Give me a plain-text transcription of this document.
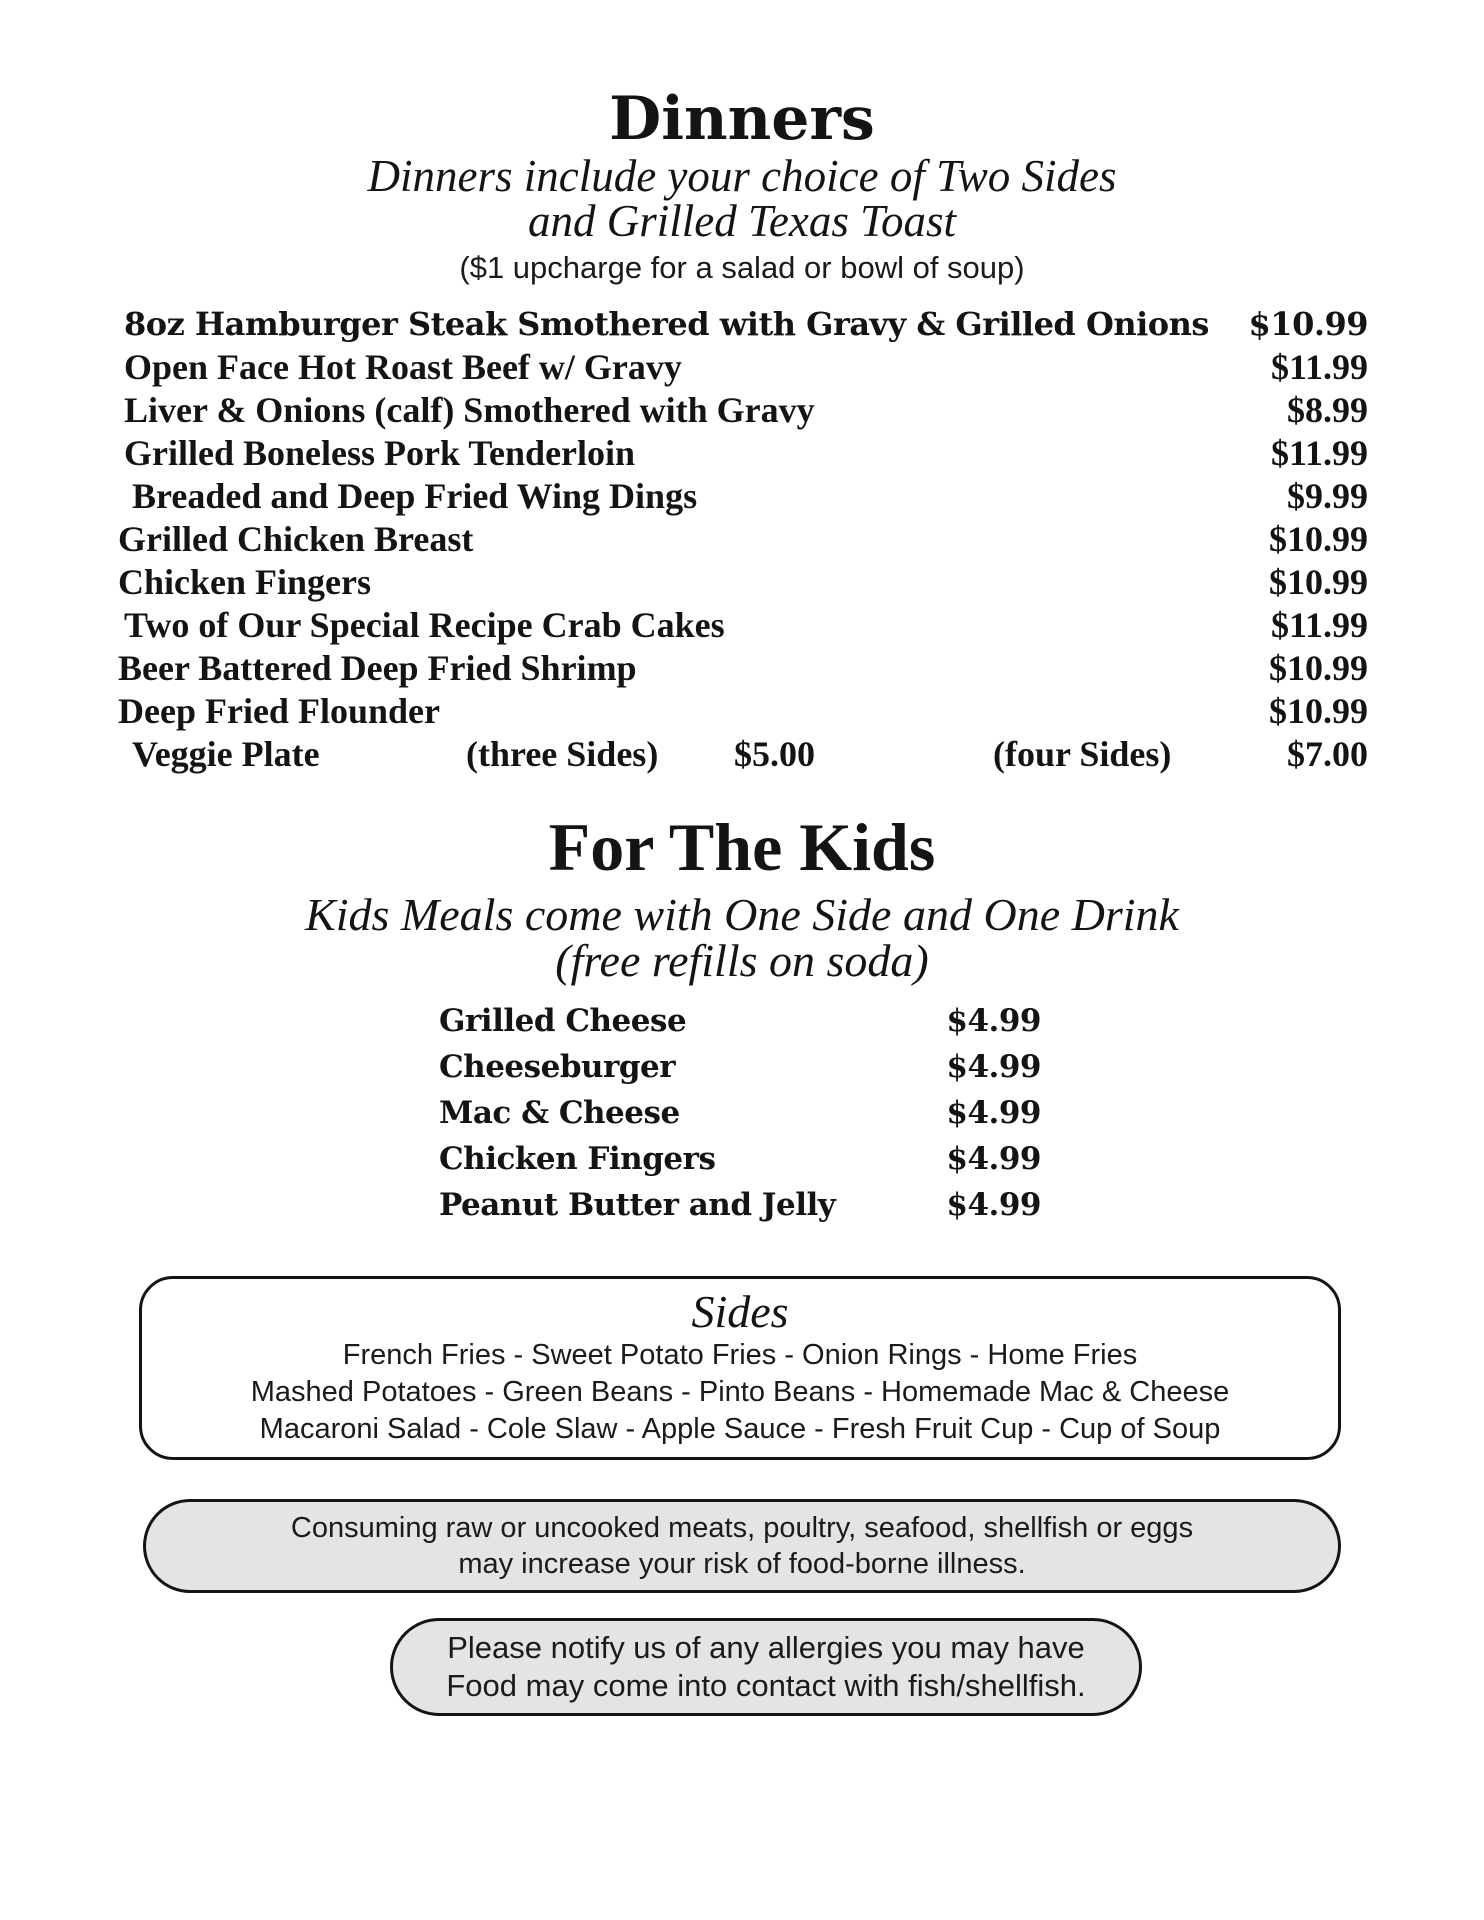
Dinners
Dinners include your choice of Two Sides
and Grilled Texas Toast
($1 upcharge for a salad or bowl of soup)
8oz Hamburger Steak Smothered with Gravy & Grilled Onions $10.99
Open Face Hot Roast Beef w/ Gravy	$11.99
Liver & Onions (calf) Smothered with Gravy	$8.99
Grilled Boneless Pork Tenderloin	$11.99
Breaded and Deep Fried Wing Dings	$9.99
Grilled Chicken Breast	$10.99
Chicken Fingers	$10.99
Two of Our Special Recipe Crab Cakes	$11.99
Beer Battered Deep Fried Shrimp	$10.99
Deep Fried Flounder	$10.99
Veggie Plate	(three Sides)	$5.00	(four Sides)	$7.00
For The Kids
Kids Meals come with One Side and One Drink
(free refills on soda)
Grilled Cheese	$4.99
Cheeseburger	$4.99
Mac & Cheese	$4.99
Chicken Fingers	$4.99
Peanut Butter and Jelly	$4.99
Sides
French Fries - Sweet Potato Fries - Onion Rings - Home Fries
Mashed Potatoes - Green Beans - Pinto Beans - Homemade Mac & Cheese
Macaroni Salad - Cole Slaw - Apple Sauce - Fresh Fruit Cup - Cup of Soup
Consuming raw or uncooked meats, poultry, seafood, shellfish or eggs
may increase your risk of food-borne illness.
Please notify us of any allergies you may have
Food may come into contact with fish/shellfish.
